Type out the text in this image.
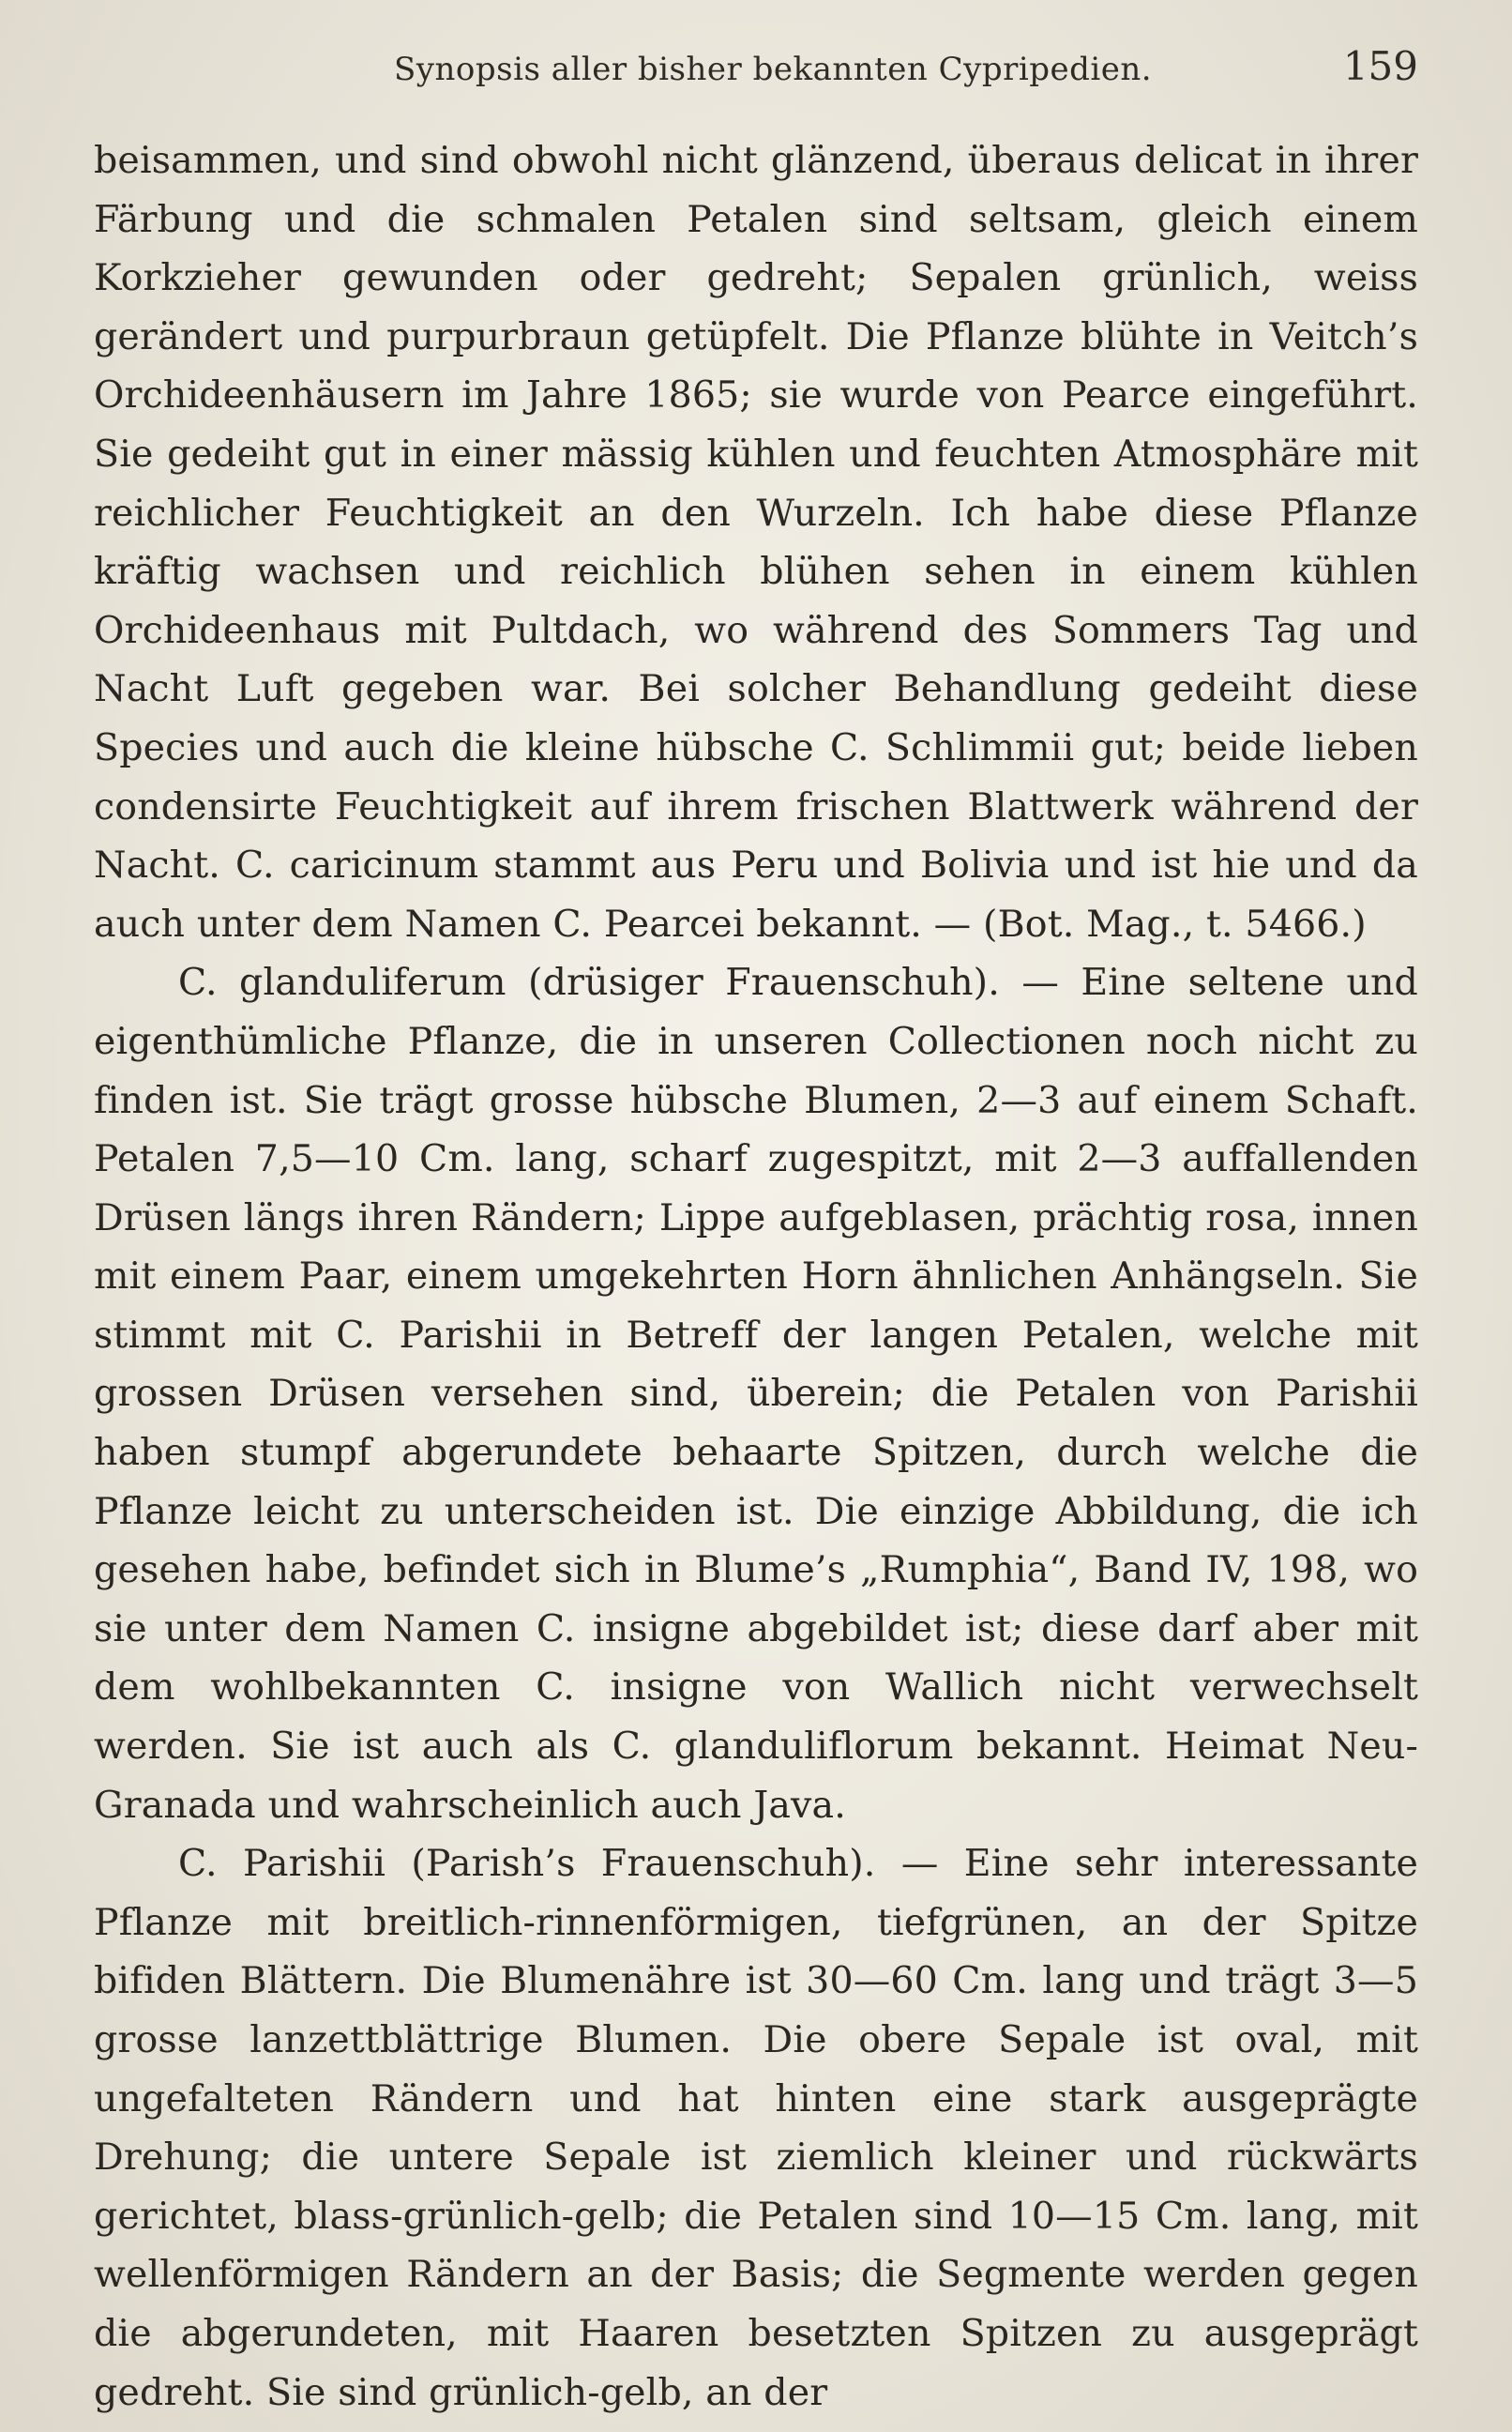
Synopsis aller bisher bekannten Cypripedien.	159

beisammen, und sind obwohl nicht glänzend, überaus delicat in ihrer Färbung und die schmalen Petalen sind seltsam, gleich einem Korkzieher gewunden oder gedreht; Sepalen grünlich, weiss gerändert und purpurbraun getüpfelt. Die Pflanze blühte in Veitch’s Orchideenhäusern im Jahre 1865; sie wurde von Pearce eingeführt. Sie gedeiht gut in einer mässig kühlen und feuchten Atmosphäre mit reichlicher Feuchtigkeit an den Wurzeln. Ich habe diese Pflanze kräftig wachsen und reichlich blühen sehen in einem kühlen Orchideenhaus mit Pultdach, wo während des Sommers Tag und Nacht Luft gegeben war. Bei solcher Behandlung gedeiht diese Species und auch die kleine hübsche C. Schlimmii gut; beide lieben condensirte Feuchtigkeit auf ihrem frischen Blattwerk während der Nacht. C. caricinum stammt aus Peru und Bolivia und ist hie und da auch unter dem Namen C. Pearcei bekannt. — (Bot. Mag., t. 5466.)

C. glanduliferum (drüsiger Frauenschuh). — Eine seltene und eigenthümliche Pflanze, die in unseren Collectionen noch nicht zu finden ist. Sie trägt grosse hübsche Blumen, 2—3 auf einem Schaft. Petalen 7,5—10 Cm. lang, scharf zugespitzt, mit 2—3 auffallenden Drüsen längs ihren Rändern; Lippe aufgeblasen, prächtig rosa, innen mit einem Paar, einem umgekehrten Horn ähnlichen Anhängseln. Sie stimmt mit C. Parishii in Betreff der langen Petalen, welche mit grossen Drüsen versehen sind, überein; die Petalen von Parishii haben stumpf abgerundete behaarte Spitzen, durch welche die Pflanze leicht zu unterscheiden ist. Die einzige Abbildung, die ich gesehen habe, befindet sich in Blume’s „Rumphia“, Band IV, 198, wo sie unter dem Namen C. insigne abgebildet ist; diese darf aber mit dem wohlbekannten C. insigne von Wallich nicht verwechselt werden. Sie ist auch als C. glanduliflorum bekannt. Heimat Neu-Granada und wahrscheinlich auch Java.

C. Parishii (Parish’s Frauenschuh). — Eine sehr interessante Pflanze mit breitlich-rinnenförmigen, tiefgrünen, an der Spitze bifiden Blättern. Die Blumenähre ist 30—60 Cm. lang und trägt 3—5 grosse lanzettblättrige Blumen. Die obere Sepale ist oval, mit ungefalteten Rändern und hat hinten eine stark ausgeprägte Drehung; die untere Sepale ist ziemlich kleiner und rückwärts gerichtet, blass-grünlich-gelb; die Petalen sind 10—15 Cm. lang, mit wellenförmigen Rändern an der Basis; die Segmente werden gegen die abgerundeten, mit Haaren besetzten Spitzen zu ausgeprägt gedreht. Sie sind grünlich-gelb, an der
